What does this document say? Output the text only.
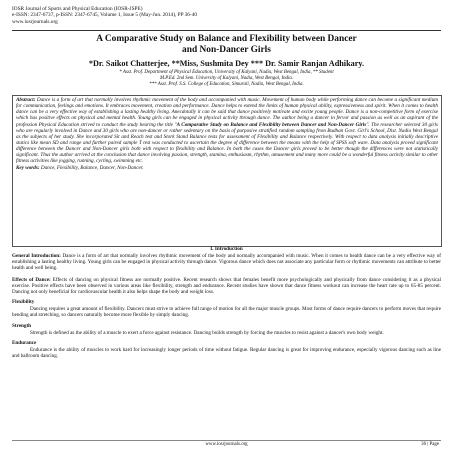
IOSR Journal of Sports and Physical Education (IOSR-JSPE)
e-ISSN: 2347-6737, p-ISSN: 2347-6745, Volume 1, Issue 5 (May-Jun. 2014), PP 36-40
www.iosrjournals.org
A Comparative Study on Balance and Flexibility between Dancer
and Non-Dancer Girls
*Dr. Saikot Chatterjee, **Miss, Sushmita Dey *** Dr. Samir Ranjan Adhikary.
* Asst. Prof. Department of Physical Education, University of Kalyani, Nadia, West Bengal, India, ** Student
M.P.Ed. 2nd Sem. University of Kalyani, Nadia, West Bengal, India.
*** Asst. Prof. S.S. College of Education, Simurali, Nadia, West Bengal, India.
Abstract: Dance is a form of art that normally involves rhythmic movement of the body and accompanied with music. Movement of human body while performing dance can become a significant medium for communication, feelings and emotions. It embraces movement, creation and performance. Dance helps to extend the limits of human physical ability, expressiveness and spirit. When it comes to health dance can be a very effective way of establishing a lasting healthy living. Anecdotally it can be said that dance positively motivate and excite young people. Dance is a non-competitive form of exercise which has positive effects on physical and mental health. Young girls can be engaged in physical activity through dance. The author being a dancer in fervor and passion as well as an aspirant of the profession Physical Education strived to conduct the study bearing the title "A Comparative Study on Balance and Flexibility between Dancer and Non-Dancer Girls". The researcher selected 30 girls who are regularly involved in Dance and 30 girls who are non-dancer or rather sedentary on the basis of purposive stratified random sampling from Budhan Govt. Girl's School, Dist. Nadia West Bengal as the subjects of her study. She incorporated Sit and Reach test and Stork Stand Balance tests for assessment of Flexibility and Balance respectively. With respect to data analysis initially descriptive statics like mean SD and range and further paired sample T test was conducted to ascertain the degree of difference between the means with the help of SPSS soft ware. Data analysis proved significant difference between the Dancer and Non-Dancer girls both with respect to flexibility and Balance. In both the cases the Dancer girls proved to be better though the differences were not statistically significant. Thus the author arrived at the conclusion that dance involving passion, strength, stamina, enthusiasm, rhythm, amusement and many more could be a wonderful fitness activity similar to other fitness activities like jogging, running, cycling, swimming etc.
Key words: Dance, Flexibility, Balance, Dancer, Non-Dancer.
I. Introduction

General Introduction: Dance is a form of art that normally involves rhythmic movement of the body and normally accompanied with music. When it comes to health dance can be a very effective way of establishing a lasting healthy living. Young girls can be engaged in physical activity through dance. Vigorous dance which does not associate any particular form or rhythmic movements can attribute to better health and well being.

Effects of Dance: Effects of dancing on physical fitness are normally positive. Recent research shows that females benefit more psychologically and physically from dance considering it as a physical exercise. Positive effects have been observed in various areas like flexibility, strength and endurance. Recent studies have shown that dance fitness workout can increase the heart rate up to 65-85 percent. Dancing not only beneficial for cardiovascular health it also helps shape the body and weight loss.

Flexibility

Dancing requires a great amount of flexibility. Dancers must strive to achieve full range of motion for all the major muscle groups. Most forms of dance require dancers to perform moves that require bending and stretching, so dancers naturally become more flexible by simply dancing.

Strength

Strength is defined as the ability of a muscle to exert a force against resistance. Dancing builds strength by forcing the muscles to resist against a dancer's own body weight.

Endurance

Endurance is the ability of muscles to work hard for increasingly longer periods of time without fatigue. Regular dancing is great for improving endurance, especially vigorous dancing such as line and ballroom dancing.

www.iosrjournals.org	36 | Page
